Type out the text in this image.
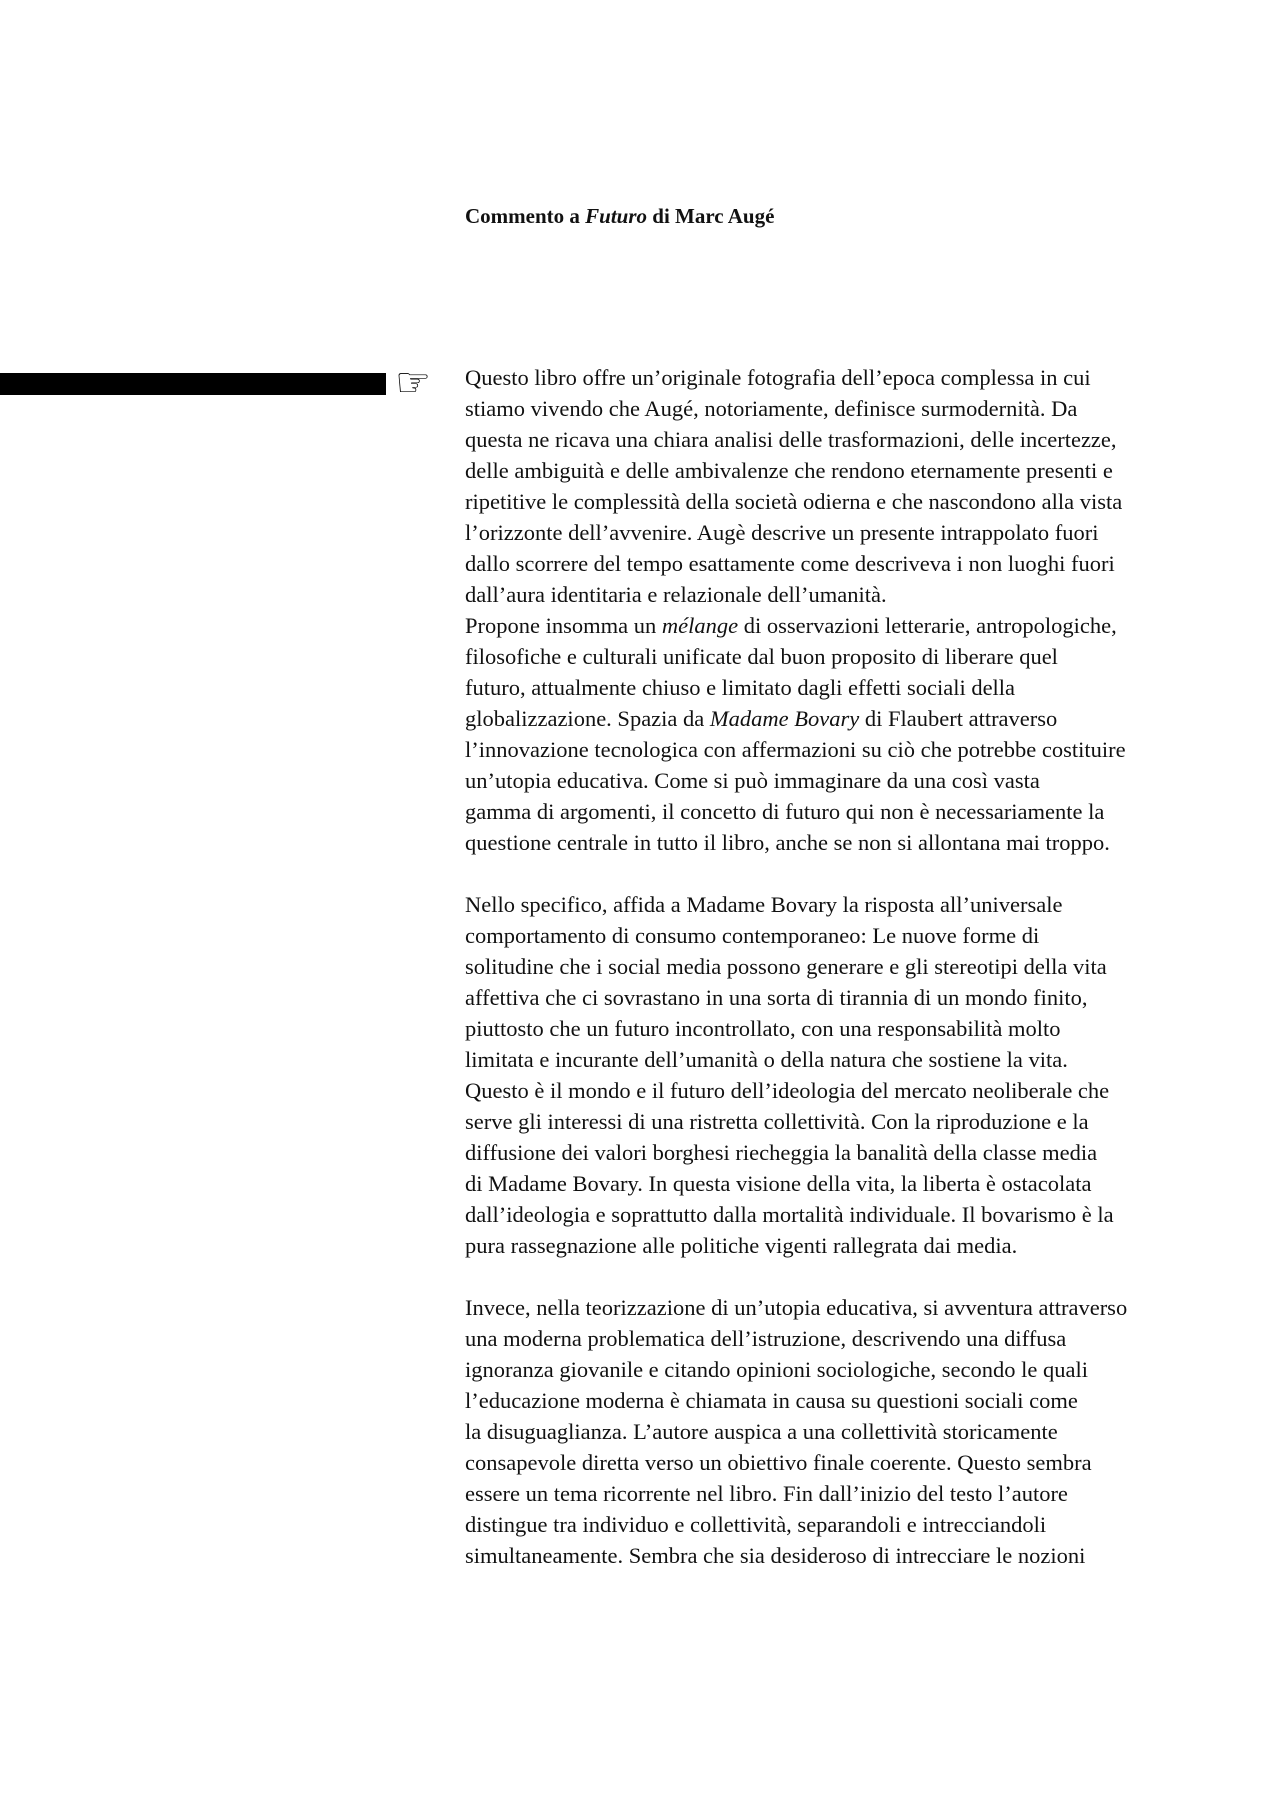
Commento a Futuro di Marc Augé
☞	Questo libro offre un’originale fotografia dell’epoca complessa in cui
stiamo vivendo che Augé, notoriamente, definisce surmodernità. Da
questa ne ricava una chiara analisi delle trasformazioni, delle incertezze,
delle ambiguità e delle ambivalenze che rendono eternamente presenti e
ripetitive le complessità della società odierna e che nascondono alla vista
l’orizzonte dell’avvenire. Augè descrive un presente intrappolato fuori
dallo scorrere del tempo esattamente come descriveva i non luoghi fuori
dall’aura identitaria e relazionale dell’umanità.
Propone insomma un mélange di osservazioni letterarie, antropologiche,
filosofiche e culturali unificate dal buon proposito di liberare quel
futuro, attualmente chiuso e limitato dagli effetti sociali della
globalizzazione. Spazia da Madame Bovary di Flaubert attraverso
l’innovazione tecnologica con affermazioni su ciò che potrebbe costituire
un’utopia educativa. Come si può immaginare da una così vasta
gamma di argomenti, il concetto di futuro qui non è necessariamente la
questione centrale in tutto il libro, anche se non si allontana mai troppo.

Nello specifico, affida a Madame Bovary la risposta all’universale
comportamento di consumo contemporaneo: Le nuove forme di
solitudine che i social media possono generare e gli stereotipi della vita
affettiva che ci sovrastano in una sorta di tirannia di un mondo finito,
piuttosto che un futuro incontrollato, con una responsabilità molto
limitata e incurante dell’umanità o della natura che sostiene la vita.
Questo è il mondo e il futuro dell’ideologia del mercato neoliberale che
serve gli interessi di una ristretta collettività. Con la riproduzione e la
diffusione dei valori borghesi riecheggia la banalità della classe media
di Madame Bovary. In questa visione della vita, la liberta è ostacolata
dall’ideologia e soprattutto dalla mortalità individuale. Il bovarismo è la
pura rassegnazione alle politiche vigenti rallegrata dai media.

Invece, nella teorizzazione di un’utopia educativa, si avventura attraverso
una moderna problematica dell’istruzione, descrivendo una diffusa
ignoranza giovanile e citando opinioni sociologiche, secondo le quali
l’educazione moderna è chiamata in causa su questioni sociali come
la disuguaglianza. L’autore auspica a una collettività storicamente
consapevole diretta verso un obiettivo finale coerente. Questo sembra
essere un tema ricorrente nel libro. Fin dall’inizio del testo l’autore
distingue tra individuo e collettività, separandoli e intrecciandoli
simultaneamente. Sembra che sia desideroso di intrecciare le nozioni
